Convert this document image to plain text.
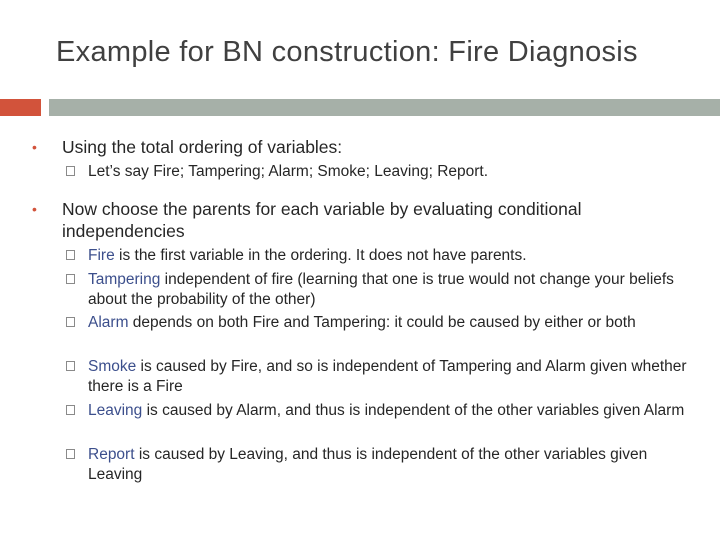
Example for BN construction: Fire Diagnosis
• Using the total ordering of variables:
Let’s say Fire; Tampering; Alarm; Smoke; Leaving; Report.
• Now choose the parents for each variable by evaluating conditional independencies
Fire is the first variable in the ordering. It does not have parents.
Tampering independent of fire (learning that one is true would not change your beliefs about the probability of the other)
Alarm depends on both Fire and Tampering: it could be caused by either or both
Smoke is caused by Fire, and so is independent of Tampering and Alarm given whether there is a Fire
Leaving is caused by Alarm, and thus is independent of the other variables given Alarm
Report is caused by Leaving, and thus is independent of the other variables given Leaving
